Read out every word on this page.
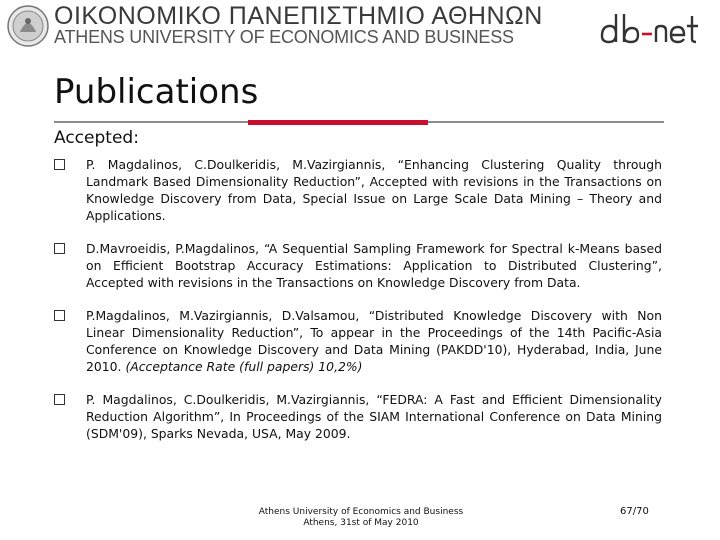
ΟΙΚΟΝΟΜΙΚΟ ΠΑΝΕΠΙΣΤΗΜΙΟ ΑΘΗΝΩΝ
ATHENS UNIVERSITY OF ECONOMICS AND BUSINESS
Publications
Accepted:
P. Magdalinos, C.Doulkeridis, M.Vazirgiannis, “Enhancing Clustering Quality through Landmark Based Dimensionality Reduction”, Accepted with revisions in the Transactions on Knowledge Discovery from Data, Special Issue on Large Scale Data Mining – Theory and Applications.
D.Mavroeidis, P.Magdalinos, “A Sequential Sampling Framework for Spectral k-Means based on Efficient Bootstrap Accuracy Estimations: Application to Distributed Clustering”, Accepted with revisions in the Transactions on Knowledge Discovery from Data.
P.Magdalinos, M.Vazirgiannis, D.Valsamou, “Distributed Knowledge Discovery with Non Linear Dimensionality Reduction”, To appear in the Proceedings of the 14th Pacific-Asia Conference on Knowledge Discovery and Data Mining (PAKDD'10), Hyderabad, India, June 2010. (Acceptance Rate (full papers) 10,2%)
P. Magdalinos, C.Doulkeridis, M.Vazirgiannis, “FEDRA: A Fast and Efficient Dimensionality Reduction Algorithm”, In Proceedings of the SIAM International Conference on Data Mining (SDM'09), Sparks Nevada, USA, May 2009.
Athens University of Economics and Business
Athens, 31st of May 2010
67/70
